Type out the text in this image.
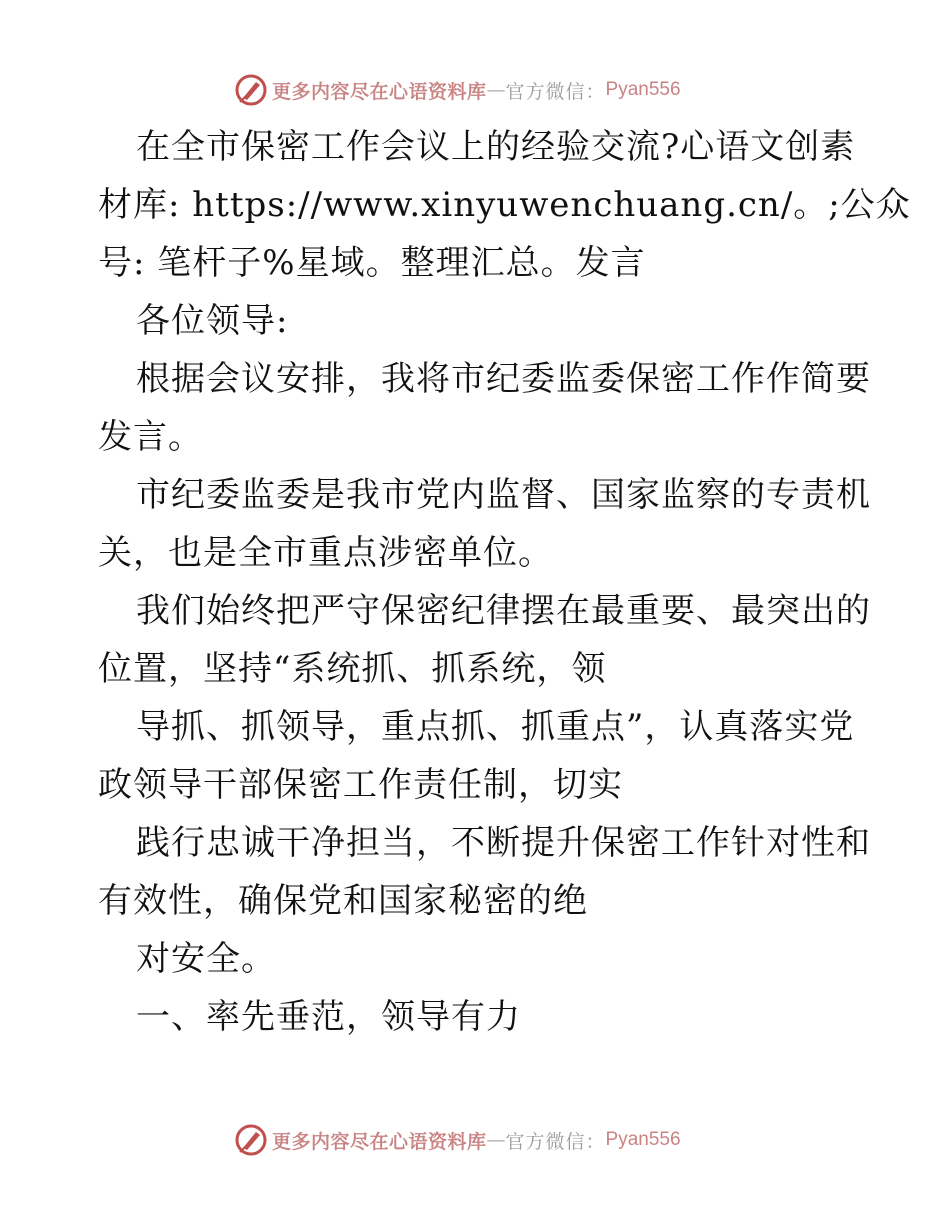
更多内容尽在心语资料库 — 官方微信： Pyan556
在全市保密工作会议上的经验交流?心语文创素
材库: https://www.xinyuwenchuang.cn/。;公众
号: 笔杆子%星域。整理汇总。发言
各位领导:
根据会议安排，我将市纪委监委保密工作作简要
发言。
市纪委监委是我市党内监督、国家监察的专责机
关，也是全市重点涉密单位。
我们始终把严守保密纪律摆在最重要、最突出的
位置，坚持“系统抓、抓系统，领
导抓、抓领导，重点抓、抓重点”，认真落实党
政领导干部保密工作责任制，切实
践行忠诚干净担当，不断提升保密工作针对性和
有效性，确保党和国家秘密的绝
对安全。
一、率先垂范，领导有力
更多内容尽在心语资料库 — 官方微信： Pyan556
